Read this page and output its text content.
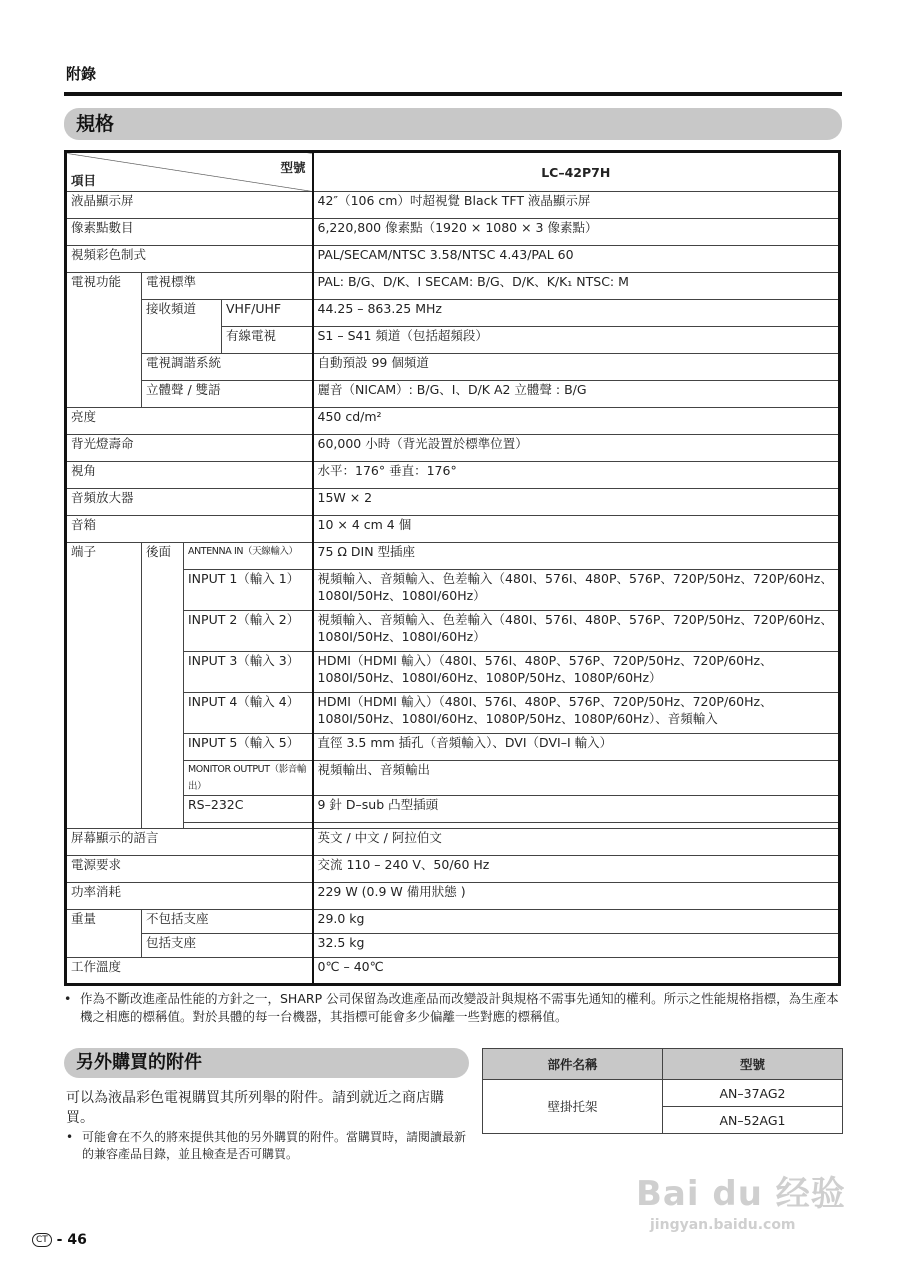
附錄
規格
型號
項目				LC–42P7H
液晶顯示屏				42″（106 cm）吋超視覺 Black TFT 液晶顯示屏
像素點數目				6,220,800 像素點（1920 × 1080 × 3 像素點）
視頻彩色制式				PAL/SECAM/NTSC 3.58/NTSC 4.43/PAL 60
電視功能	電視標準			PAL: B/G、D/K、I SECAM: B/G、D/K、K/K₁ NTSC: M
	接收頻道		VHF/UHF	44.25 – 863.25 MHz
			有線電視	S1 – S41 頻道（包括超頻段）
	電視調諧系統			自動預設 99 個頻道
	立體聲 / 雙語			麗音（NICAM）: B/G、I、D/K A2 立體聲 : B/G
亮度				450 cd/m²
背光燈壽命				60,000 小時（背光設置於標準位置）
視角				水平：176° 垂直：176°
音頻放大器				15W × 2
音箱				10 × 4 cm 4 個
端子	後面	ANTENNA IN（天線輸入）		75 Ω DIN 型插座
		INPUT 1（輸入 1）		視頻輸入、音頻輸入、色差輸入（480I、576I、480P、576P、720P/50Hz、720P/60Hz、1080I/50Hz、1080I/60Hz）
		INPUT 2（輸入 2）		視頻輸入、音頻輸入、色差輸入（480I、576I、480P、576P、720P/50Hz、720P/60Hz、1080I/50Hz、1080I/60Hz）
		INPUT 3（輸入 3）		HDMI（HDMI 輸入）（480I、576I、480P、576P、720P/50Hz、720P/60Hz、1080I/50Hz、1080I/60Hz、1080P/50Hz、1080P/60Hz）
		INPUT 4（輸入 4）		HDMI（HDMI 輸入）（480I、576I、480P、576P、720P/50Hz、720P/60Hz、1080I/50Hz、1080I/60Hz、1080P/50Hz、1080P/60Hz）、音頻輸入
		INPUT 5（輸入 5）		直徑 3.5 mm 插孔（音頻輸入）、DVI（DVI–I 輸入）
		MONITOR OUTPUT（影音輸出）		視頻輸出、音頻輸出
		RS–232C		9 針 D–sub 凸型插頭

屏幕顯示的語言				英文 / 中文 / 阿拉伯文
電源要求				交流 110 – 240 V、50/60 Hz
功率消耗				229 W (0.9 W 備用狀態 )
重量	不包括支座			29.0 kg
	包括支座			32.5 kg
工作溫度				0℃ – 40℃
• 作為不斷改進產品性能的方針之一，SHARP 公司保留為改進產品而改變設計與規格不需事先通知的權利。所示之性能規格指標，為生產本機之相應的標稱值。對於具體的每一台機器，其指標可能會多少偏離一些對應的標稱值。
另外購買的附件
可以為液晶彩色電視購買其所列舉的附件。請到就近之商店購買。
• 可能會在不久的將來提供其他的另外購買的附件。當購買時，請閱讀最新的兼容產品目錄，並且檢查是否可購買。
部件名稱	型號
壁掛托架	AN–37AG2
	AN–52AG1
CT - 46
Bai du 经验
jingyan.baidu.com
